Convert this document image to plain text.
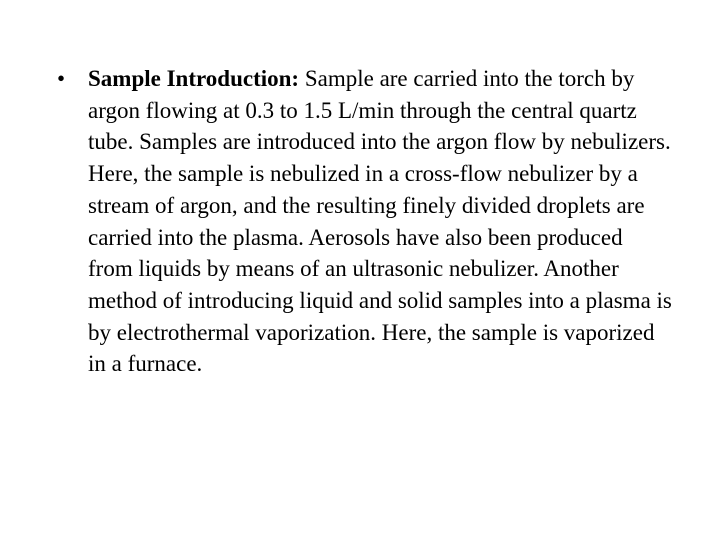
• Sample Introduction: Sample are carried into the torch by argon flowing at 0.3 to 1.5 L/min through the central quartz tube. Samples are introduced into the argon flow by nebulizers. Here, the sample is nebulized in a cross-flow nebulizer by a stream of argon, and the resulting finely divided droplets are carried into the plasma. Aerosols have also been produced from liquids by means of an ultrasonic nebulizer. Another method of introducing liquid and solid samples into a plasma is by electrothermal vaporization. Here, the sample is vaporized in a furnace.
